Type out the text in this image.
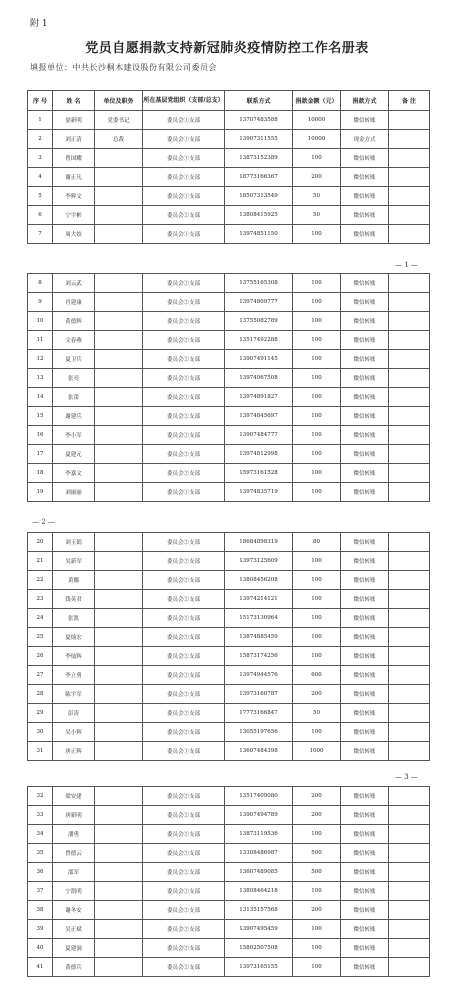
附 1
党员自愿捐款支持新冠肺炎疫情防控工作名册表
填报单位：中共长沙桐木建设股份有限公司委员会
序 号	姓 名	单位及职务	所在基层党组织（支部/总支）	联系方式	捐款金额（元）	捐款方式	备 注
1	晏新明	党委书记	委员会①支部	13707483588	10000	微信转账	
2	刘正清	总裁	委员会①支部	13907311555	10000	现金方式	
3	曾国耀		委员会①支部	13873152389	100	微信转账	
4	谢正凡		委员会①支部	18773166367	200	微信转账	
5	李辉文		委员会①支部	18507313549	50	微信转账	
6	宁宇彬		委员会②支部	13808415925	50	微信转账	
7	周大姣		委员会①支部	13974851150	100	微信转账	
— 1 —
8	刘云武		委员会②支部	13755165308	100	微信转账	
9	肖建康		委员会②支部	13974809777	100	微信转账	
10	黄德辉		委员会②支部	13755082789	100	微信转账	
11	文春燕		委员会②支部	13517492288	100	微信转账	
12	夏卫兵		委员会②支部	13907491145	100	微信转账	
13	张亮		委员会②支部	13974067508	100	微信转账	
14	张蕾		委员会①支部	13974891827	100	微信转账	
15	谢建兵		委员会②支部	13974845697	100	微信转账	
16	李小军		委员会②支部	13907484777	100	微信转账	
17	夏建元		委员会②支部	13974812998	100	微信转账	
18	李嘉文		委员会②支部	15973161528	100	微信转账	
19	刘丽丽		委员会①支部	13974835719	100	微信转账	
— 2 —
20	刘玉娟		委员会②支部	18684898319	80	微信转账	
21	吴新军		委员会②支部	13973125609	100	微信转账	
22	黄娜		委员会②支部	13808456208	100	微信转账	
23	钱英君		委员会②支部	13974214121	100	微信转账	
24	张凯		委员会②支部	15173130964	100	微信转账	
25	夏灿宏		委员会②支部	13874885459	100	微信转账	
26	李灿辉		委员会②支部	15873174256	100	微信转账	
27	李立勇		委员会②支部	13974944576	600	微信转账	
28	陈宇军		委员会②支部	13973160787	200	微信转账	
29	彭涛		委员会②支部	17773166847	50	微信转账	
30	吴小辉		委员会②支部	13055197656	100	微信转账	
31	唐正辉		委员会①支部	13607484398	1000	微信转账	
— 3 —
32	梁安建		委员会②支部	13517409080	200	微信转账	
33	唐新明		委员会②支部	13907494789	200	微信转账	
34	潘勇		委员会②支部	13873119536	100	微信转账	
35	曾德云		委员会②支部	13308486987	500	微信转账	
36	邵军		委员会②支部	13607489085	500	微信转账	
37	宁凯明		委员会②支部	13808464218	100	微信转账	
38	谢冬安		委员会②支部	13135157568	200	微信转账	
39	吴正斌		委员会②支部	13907495459	100	微信转账	
40	夏建洞		委员会②支部	15802507508	100	微信转账	
41	黄德兵		委员会②支部	13973165155	100	微信转账	
